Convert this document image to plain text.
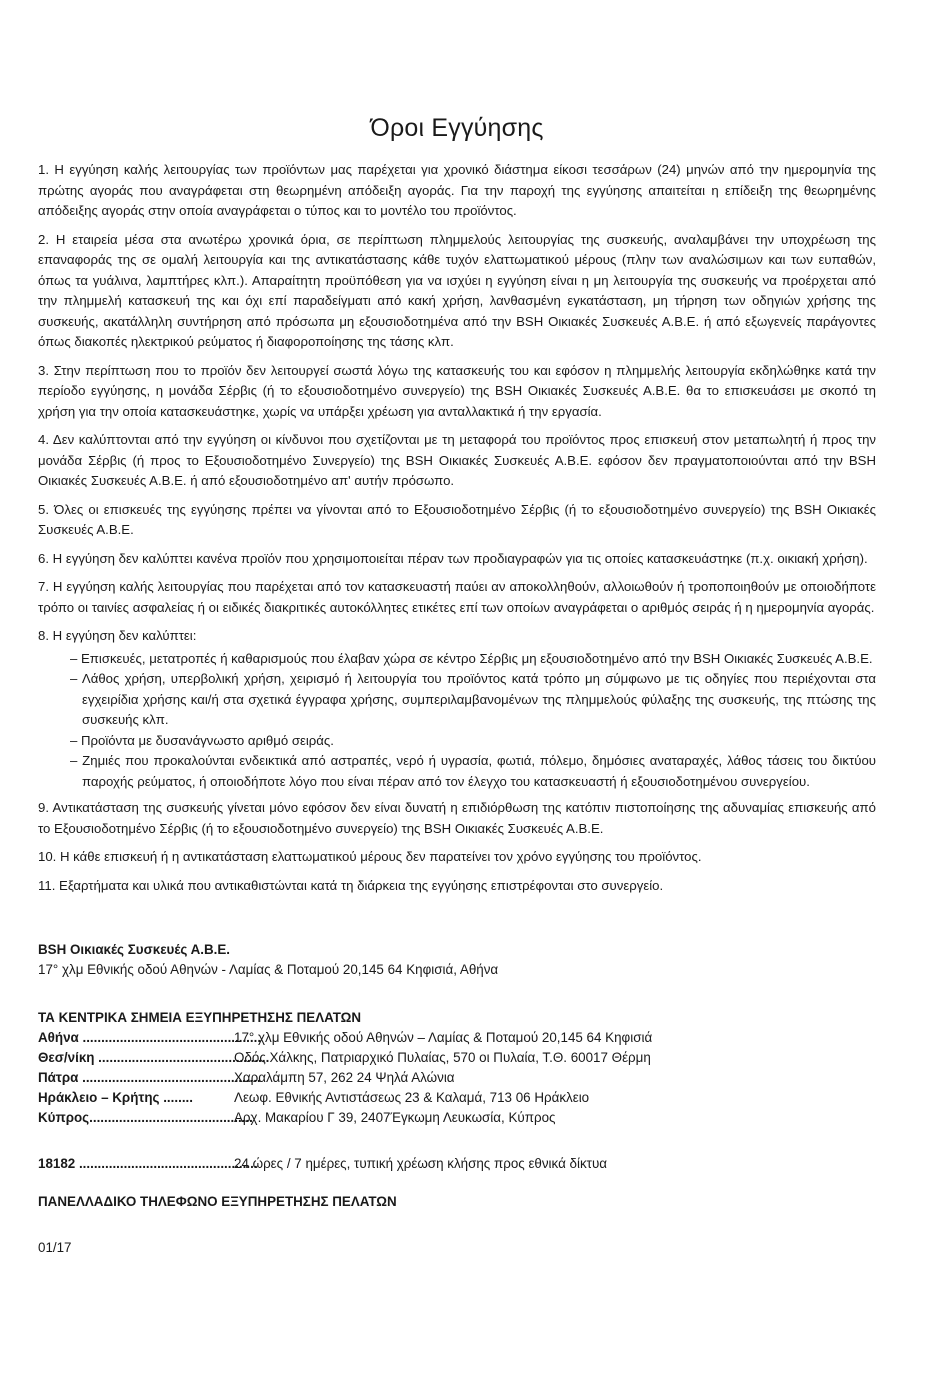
Όροι Εγγύησης

1. Η εγγύηση καλής λειτουργίας των προϊόντων μας παρέχεται για χρονικό διάστημα είκοσι τεσσάρων (24) μηνών από την ημερομηνία της πρώτης αγοράς που αναγράφεται στη θεωρημένη απόδειξη αγοράς. Για την παροχή της εγγύησης απαιτείται η επίδειξη της θεωρημένης απόδειξης αγοράς στην οποία αναγράφεται ο τύπος και το μοντέλο του προϊόντος.

2. Η εταιρεία μέσα στα ανωτέρω χρονικά όρια, σε περίπτωση πλημμελούς λειτουργίας της συσκευής, αναλαμβάνει την υποχρέωση της επαναφοράς της σε ομαλή λειτουργία και της αντικατάστασης κάθε τυχόν ελαττωματικού μέρους (πλην των αναλώσιμων και των ευπαθών, όπως τα γυάλινα, λαμπτήρες κλπ.). Απαραίτητη προϋπόθεση για να ισχύει η εγγύηση είναι η μη λειτουργία της συσκευής να προέρχεται από την πλημμελή κατασκευή της και όχι επί παραδείγματι από κακή χρήση, λανθασμένη εγκατάσταση, μη τήρηση των οδηγιών χρήσης της συσκευής, ακατάλληλη συντήρηση από πρόσωπα μη εξουσιοδοτημένα από την BSH Οικιακές Συσκευές Α.Β.Ε. ή από εξωγενείς παράγοντες όπως διακοπές ηλεκτρικού ρεύματος ή διαφοροποίησης της τάσης κλπ.

3. Στην περίπτωση που το προϊόν δεν λειτουργεί σωστά λόγω της κατασκευής του και εφόσον η πλημμελής λειτουργία εκδηλώθηκε κατά την περίοδο εγγύησης, η μονάδα Σέρβις (ή το εξουσιοδοτημένο συνεργείο) της BSH Οικιακές Συσκευές Α.Β.Ε. θα το επισκευάσει με σκοπό τη χρήση για την οποία κατασκευάστηκε, χωρίς να υπάρξει χρέωση για ανταλλακτικά ή την εργασία.

4. Δεν καλύπτονται από την εγγύηση οι κίνδυνοι που σχετίζονται με τη μεταφορά του προϊόντος προς επισκευή στον μεταπωλητή ή προς την μονάδα Σέρβις (ή προς το Εξουσιοδοτημένο Συνεργείο) της BSH Οικιακές Συσκευές Α.Β.Ε. εφόσον δεν πραγματοποιούνται από την BSH Οικιακές Συσκευές Α.Β.Ε. ή από εξουσιοδοτημένο απ' αυτήν πρόσωπο.

5. Όλες οι επισκευές της εγγύησης πρέπει να γίνονται από το Εξουσιοδοτημένο Σέρβις (ή το εξουσιοδοτημένο συνεργείο) της BSH Οικιακές Συσκευές Α.Β.Ε.

6. Η εγγύηση δεν καλύπτει κανένα προϊόν που χρησιμοποιείται πέραν των προδιαγραφών για τις οποίες κατασκευάστηκε (π.χ. οικιακή χρήση).

7. Η εγγύηση καλής λειτουργίας που παρέχεται από τον κατασκευαστή παύει αν αποκολληθούν, αλλοιωθούν ή τροποποιηθούν με οποιοδήποτε τρόπο οι ταινίες ασφαλείας ή οι ειδικές διακριτικές αυτοκόλλητες ετικέτες επί των οποίων αναγράφεται ο αριθμός σειράς ή η ημερομηνία αγοράς.

8. Η εγγύηση δεν καλύπτει:

– Επισκευές, μετατροπές ή καθαρισμούς που έλαβαν χώρα σε κέντρο Σέρβις μη εξουσιοδοτημένο από την BSH Οικιακές Συσκευές Α.Β.Ε.
– Λάθος χρήση, υπερβολική χρήση, χειρισμό ή λειτουργία του προϊόντος κατά τρόπο μη σύμφωνο με τις οδηγίες που περιέχονται στα εγχειρίδια χρήσης και/ή στα σχετικά έγγραφα χρήσης, συμπεριλαμβανομένων της πλημμελούς φύλαξης της συσκευής, της πτώσης της συσκευής κλπ.
– Προϊόντα με δυσανάγνωστο αριθμό σειράς.
– Ζημιές που προκαλούνται ενδεικτικά από αστραπές, νερό ή υγρασία, φωτιά, πόλεμο, δημόσιες αναταραχές, λάθος τάσεις του δικτύου παροχής ρεύματος, ή οποιοδήποτε λόγο που είναι πέραν από τον έλεγχο του κατασκευαστή ή εξουσιοδοτημένου συνεργείου.

9. Αντικατάσταση της συσκευής γίνεται μόνο εφόσον δεν είναι δυνατή η επιδιόρθωση της κατόπιν πιστοποίησης της αδυναμίας επισκευής από το Εξουσιοδοτημένο Σέρβις (ή το εξουσιοδοτημένο συνεργείο) της BSH Οικιακές Συσκευές Α.Β.Ε.

10. Η κάθε επισκευή ή η αντικατάσταση ελαττωματικού μέρους δεν παρατείνει τον χρόνο εγγύησης του προϊόντος.

11. Εξαρτήματα και υλικά που αντικαθιστώνται κατά τη διάρκεια της εγγύησης επιστρέφονται στο συνεργείο.

BSH Οικιακές Συσκευές Α.Β.Ε.
17° χλμ Εθνικής οδού Αθηνών - Λαμίας & Ποταμού 20,145 64 Κηφισιά, Αθήνα
ΤΑ ΚΕΝΤΡΙΚΑ ΣΗΜΕΙΑ ΕΞΥΠΗΡΕΤΗΣΗΣ ΠΕΛΑΤΩΝ
Αθήνα ................................................
17° χλμ Εθνικής οδού Αθηνών – Λαμίας & Ποταμού 20,145 64 Κηφισιά
Θεσ/νίκη ..............................................
Οδός Χάλκης, Πατριαρχικό Πυλαίας, 570 οι Πυλαία, Τ.Θ. 60017 Θέρμη
Πάτρα ................................................
Χαραλάμπη 57, 262 24 Ψηλά Αλώνια
Ηράκλειο – Κρήτης ........	Λεωφ. Εθνικής Αντιστάσεως 23 & Καλαμά, 713 06 Ηράκλειο
Κύπρος............................................
Αρχ. Μακαρίου Γ 39, 2407Έγκωμη Λευκωσία, Κύπρος
18182 ................................................
24 ώρες / 7 ημέρες, τυπική χρέωση κλήσης προς εθνικά δίκτυα
ΠΑΝΕΛΛΑΔΙΚΟ ΤΗΛΕΦΩΝΟ ΕΞΥΠΗΡΕΤΗΣΗΣ ΠΕΛΑΤΩΝ
01/17
